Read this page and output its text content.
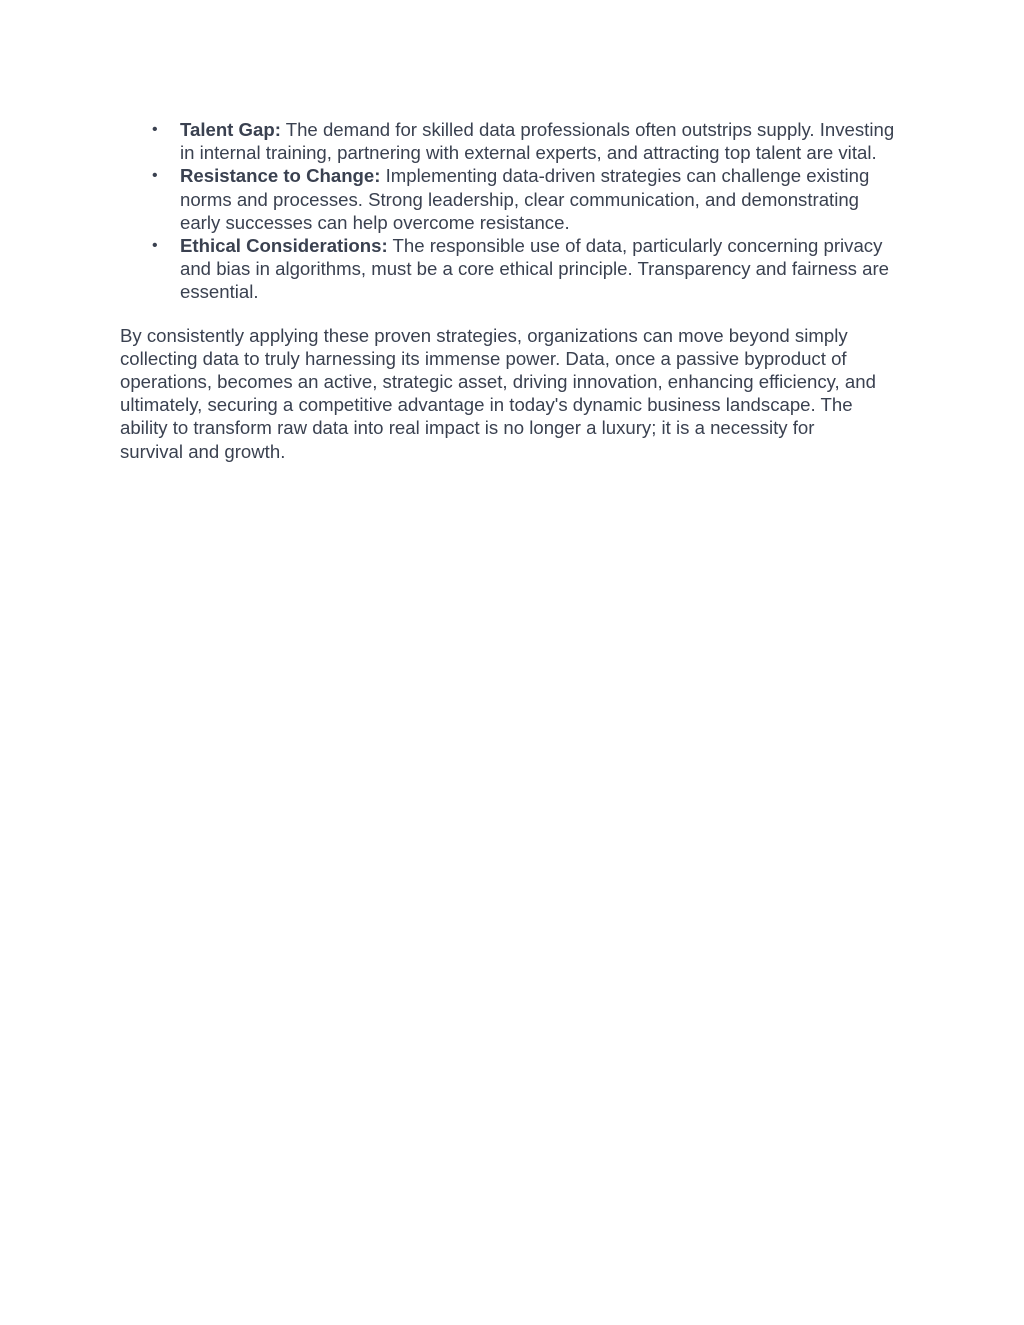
• Talent Gap: The demand for skilled data professionals often outstrips supply. Investing in internal training, partnering with external experts, and attracting top talent are vital.
• Resistance to Change: Implementing data-driven strategies can challenge existing norms and processes. Strong leadership, clear communication, and demonstrating early successes can help overcome resistance.
• Ethical Considerations: The responsible use of data, particularly concerning privacy and bias in algorithms, must be a core ethical principle. Transparency and fairness are essential.

By consistently applying these proven strategies, organizations can move beyond simply collecting data to truly harnessing its immense power. Data, once a passive byproduct of operations, becomes an active, strategic asset, driving innovation, enhancing efficiency, and ultimately, securing a competitive advantage in today's dynamic business landscape. The ability to transform raw data into real impact is no longer a luxury; it is a necessity for survival and growth.
